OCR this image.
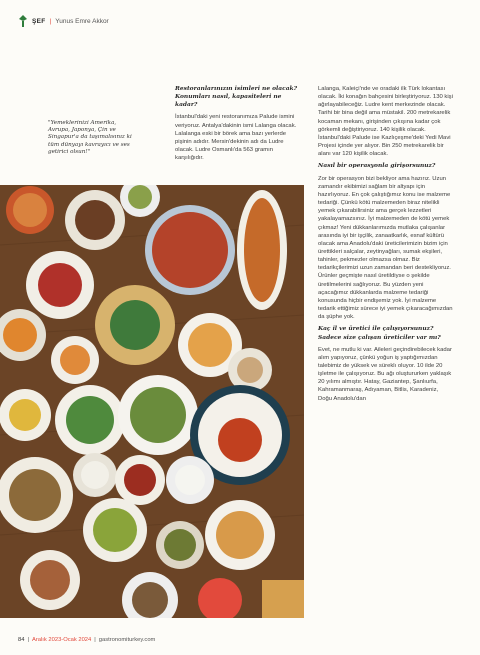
ŞEF | Yunus Emre Akkor
"Yemeklerinizi Amerika, Avrupa, Japonya, Çin ve Singapur'a da taşımalısınız ki tüm dünyayı kavrayıcı ve ses getirici olsun!"

Restoranlarınızın isimleri ne olacak? Konumları nasıl, kapasiteleri ne kadar?

İstanbul'daki yeni restoranımıza Palude ismini veriyoruz. Antalya'dakinin ismi Lalanga olacak. Lalalanga eski bir börek ama bazı yerlerde pişinin adıdır. Mersin'dekinin adı da Ludre olacak. Ludre Osmanlı'da 563 gramın karşılığıdır.

Lalanga, Kaleiçi'nde ve oradaki ilk Türk lokantası olacak. İki konağın bahçesini birleştiriyoruz. 130 kişi ağırlayabileceğiz. Ludre kent merkezinde olacak. Tarihi bir bina değil ama müstakil. 200 metrekarelik kocaman mekanı, girişinden çıkışına kadar çok görkemli değiştiriyoruz. 140 kişilik olacak. İstanbul'daki Palude ise Kazlıçeşme'deki Yedi Mavi Projesi içinde yer alıyor. Bin 250 metrekarelik bir alanı var 120 kişilik olacak.

Nasıl bir operasyonla girişorsunuz?

Zor bir operasyon bizi bekliyor ama hazırız. Uzun zamandır ekibimizi sağlam bir altyapı için hazırlıyoruz. En çok çalıştığımız konu ise malzeme tedariği. Çünkü kötü malzemeden biraz nitelikli yemek çıkarabilirsiniz ama gerçek lezzetleri yakalayamazsınız. İyi malzemeden de kötü yemek çıkmaz! Yeni dükkanlarımızda mutlaka çalışanlar arasında iyi bir işçilik, zanaatkarlık, esnaf kültürü olacak ama Anadolu'daki üreticilerimizin bizim için ürettikleri salçalar, zeytinyağları, sumak ekşileri, tahinler, pekmezler olmazsa olmaz. Biz tedarikçilerimizi uzun zamandan beri destekliyoruz. Ürünler geçmişte nasıl üretildiyse o şekilde üretilmelerini sağlıyoruz. Bu yüzden yeni açacağımız dükkanlarda malzeme tedariği konusunda hiçbir endişemiz yok. İyi malzeme tedarik ettiğimiz sürece iyi yemek çıkaracağımızdan da şüphe yok.

Kaç il ve üretici ile çalışıyorsunuz? Sadece size çalışan üreticiler var mı?

Evet, ne mutlu ki var. Aileleri geçindirebilecek kadar alım yapıyoruz, çünkü yoğun iş yaptığımızdan talebimiz de yüksek ve süreklı oluyor. 10 ilde 20 işletme ile çalışıyoruz. Bu ağı oluştururken yaklaşık 20 yılımı almıştır. Hatay, Gaziantep, Şanlıurfa, Kahramanmaraş, Adıyaman, Bitlis, Karadeniz, Doğu Anadolu'dan

84 | Aralık 2023-Ocak 2024 | gastronomiturkey.com
